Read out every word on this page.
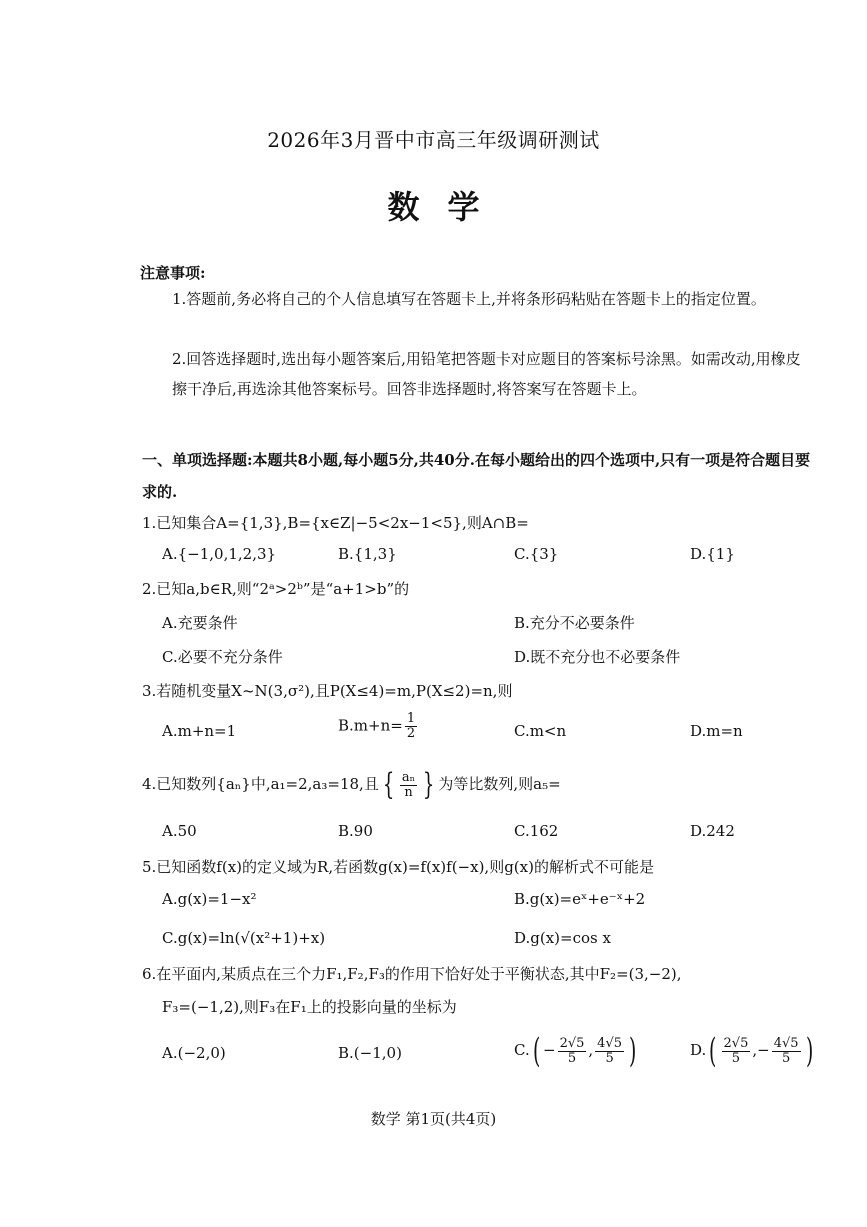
2026年3月晋中市高三年级调研测试
数学
注意事项:
1.答题前,务必将自己的个人信息填写在答题卡上,并将条形码粘贴在答题卡上的指定位置。
2.回答选择题时,选出每小题答案后,用铅笔把答题卡对应题目的答案标号涂黑。如需改动,用橡皮擦干净后,再选涂其他答案标号。回答非选择题时,将答案写在答题卡上。
一、单项选择题:本题共8小题,每小题5分,共40分.在每小题给出的四个选项中,只有一项是符合题目要求的.
1.已知集合A={1,3},B={x∈Z|−5<2x−1<5},则A∩B=
A.{−1,0,1,2,3}	B.{1,3}	C.{3}	D.{1}
2.已知a,b∈R,则“2ᵃ>2ᵇ”是“a+1>b”的
A.充要条件	B.充分不必要条件
C.必要不充分条件	D.既不充分也不必要条件
3.若随机变量X~N(3,σ²),且P(X≤4)=m,P(X≤2)=n,则
A.m+n=1	$B.m+n= \frac{1}{2}$	C.m<n	D.m=n
4.已知数列{aₙ}中,a₁=2,a₃=18,且 { $\frac{\text{aₙ}}{n}$ } 为等比数列,则a₅=
A.50	B.90	C.162	D.242
5.已知函数f(x)的定义域为R,若函数g(x)=f(x)f(−x),则g(x)的解析式不可能是
A.g(x)=1−x²	B.g(x)=eˣ+e⁻ˣ+2
C.g(x)=ln(√(x²+1)+x)	D.g(x)=cos x
6.在平面内,某质点在三个力F₁,F₂,F₃的作用下恰好处于平衡状态,其中F₂=(3,−2),
F₃=(−1,2),则F₃在F₁上的投影向量的坐标为
A.(−2,0)	B.(−1,0)	$C.( - \frac{2√5}{5}$ , $\frac{4√5}{5}$ )	$D.( \frac{2√5}{5}$ ,− $\frac{4√5}{5}$ )
数学 第1页(共4页)
